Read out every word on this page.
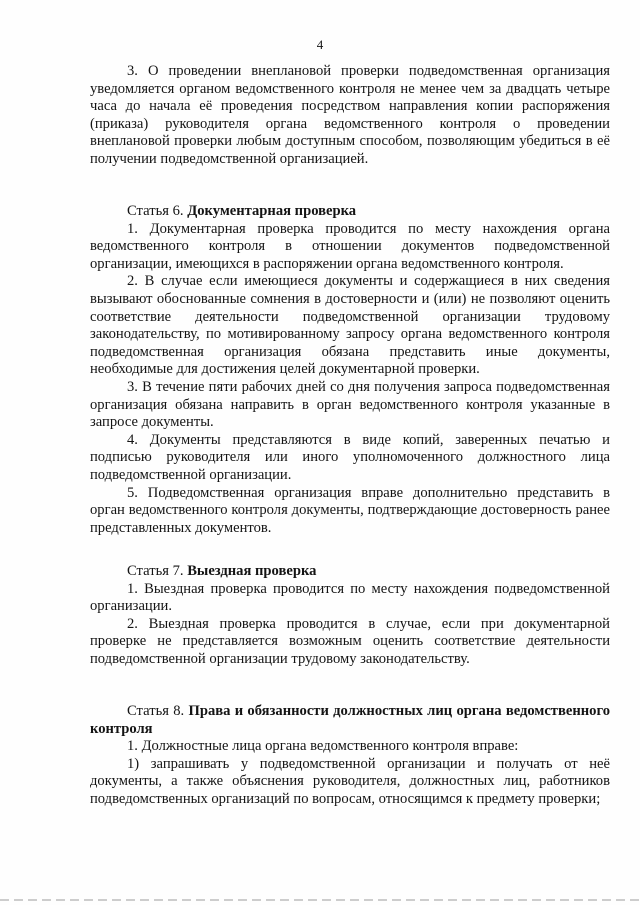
4

3. О проведении внеплановой проверки подведомственная организация уведомляется органом ведомственного контроля не менее чем за двадцать четыре часа до начала её проведения посредством направления копии распоряжения (приказа) руководителя органа ведомственного контроля о проведении внеплановой проверки любым доступным способом, позволяющим убедиться в её получении подведомственной организацией.

Статья 6. Документарная проверка

1. Документарная проверка проводится по месту нахождения органа ведомственного контроля в отношении документов подведомственной организации, имеющихся в распоряжении органа ведомственного контроля.

2. В случае если имеющиеся документы и содержащиеся в них сведения вызывают обоснованные сомнения в достоверности и (или) не позволяют оценить соответствие деятельности подведомственной организации трудовому законодательству, по мотивированному запросу органа ведомственного контроля подведомственная организация обязана представить иные документы, необходимые для достижения целей документарной проверки.

3. В течение пяти рабочих дней со дня получения запроса подведомственная организация обязана направить в орган ведомственного контроля указанные в запросе документы.

4. Документы представляются в виде копий, заверенных печатью и подписью руководителя или иного уполномоченного должностного лица подведомственной организации.

5. Подведомственная организация вправе дополнительно представить в орган ведомственного контроля документы, подтверждающие достоверность ранее представленных документов.

Статья 7. Выездная проверка

1. Выездная проверка проводится по месту нахождения подведомственной организации.

2. Выездная проверка проводится в случае, если при документарной проверке не представляется возможным оценить соответствие деятельности подведомственной организации трудовому законодательству.

Статья 8. Права и обязанности должностных лиц органа ведомственного контроля

1. Должностные лица органа ведомственного контроля вправе:

1) запрашивать у подведомственной организации и получать от неё документы, а также объяснения руководителя, должностных лиц, работников подведомственных организаций по вопросам, относящимся к предмету проверки;
